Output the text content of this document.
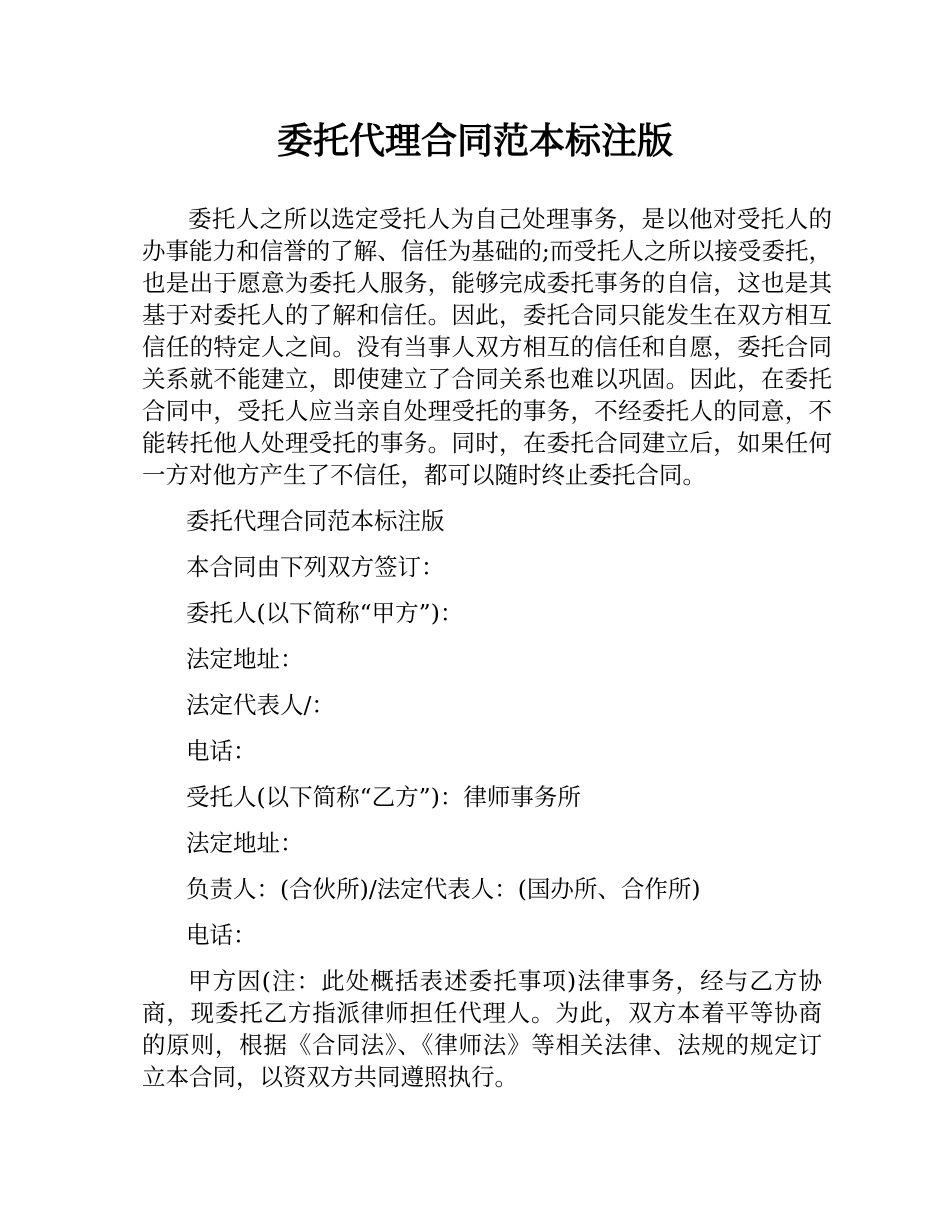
委托代理合同范本标注版

委托人之所以选定受托人为自己处理事务，是以他对受托人的办事能力和信誉的了解、信任为基础的;而受托人之所以接受委托，也是出于愿意为委托人服务，能够完成委托事务的自信，这也是其基于对委托人的了解和信任。因此，委托合同只能发生在双方相互信任的特定人之间。没有当事人双方相互的信任和自愿，委托合同关系就不能建立，即使建立了合同关系也难以巩固。因此，在委托合同中，受托人应当亲自处理受托的事务，不经委托人的同意，不能转托他人处理受托的事务。同时，在委托合同建立后，如果任何一方对他方产生了不信任，都可以随时终止委托合同。

委托代理合同范本标注版

本合同由下列双方签订：

委托人(以下简称“甲方”)：

法定地址：

法定代表人/：

电话：

受托人(以下简称“乙方”)：律师事务所

法定地址：

负责人：(合伙所)/法定代表人：(国办所、合作所)

电话：

甲方因(注：此处概括表述委托事项)法律事务，经与乙方协商，现委托乙方指派律师担任代理人。为此，双方本着平等协商的原则，根据《合同法》、《律师法》等相关法律、法规的规定订立本合同，以资双方共同遵照执行。
